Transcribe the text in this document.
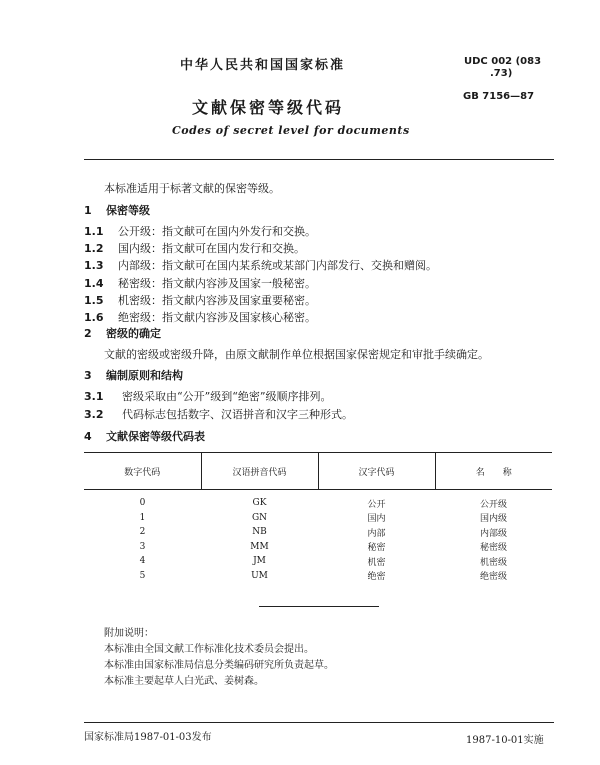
中华人民共和国国家标准	UDC 002 (083
.73)
GB 7156—87
文献保密等级代码
Codes of secret level for documents
本标准适用于标著文献的保密等级。
1 保密等级
1.1 公开级：指文献可在国内外发行和交换。
1.2 国内级：指文献可在国内发行和交换。
1.3 内部级：指文献可在国内某系统或某部门内部发行、交换和赠阅。
1.4 秘密级：指文献内容涉及国家一般秘密。
1.5 机密级：指文献内容涉及国家重要秘密。
1.6 绝密级：指文献内容涉及国家核心秘密。
2 密级的确定
文献的密级或密级升降，由原文献制作单位根据国家保密规定和审批手续确定。
3 编制原则和结构
3.1 密级采取由“公开”级到“绝密”级顺序排列。
3.2 代码标志包括数字、汉语拼音和汉字三种形式。
4 文献保密等级代码表
数字代码	汉语拼音代码	汉字代码	名　　称
0	GK	公开	公开级
1	GN	国内	国内级
2	NB	内部	内部级
3	MM	秘密	秘密级
4	JM	机密	机密级
5	UM	绝密	绝密级
附加说明：
本标准由全国文献工作标准化技术委员会提出。
本标准由国家标准局信息分类编码研究所负责起草。
本标准主要起草人白光武、姜树森。
国家标准局1987-01-03发布	1987-10-01实施
